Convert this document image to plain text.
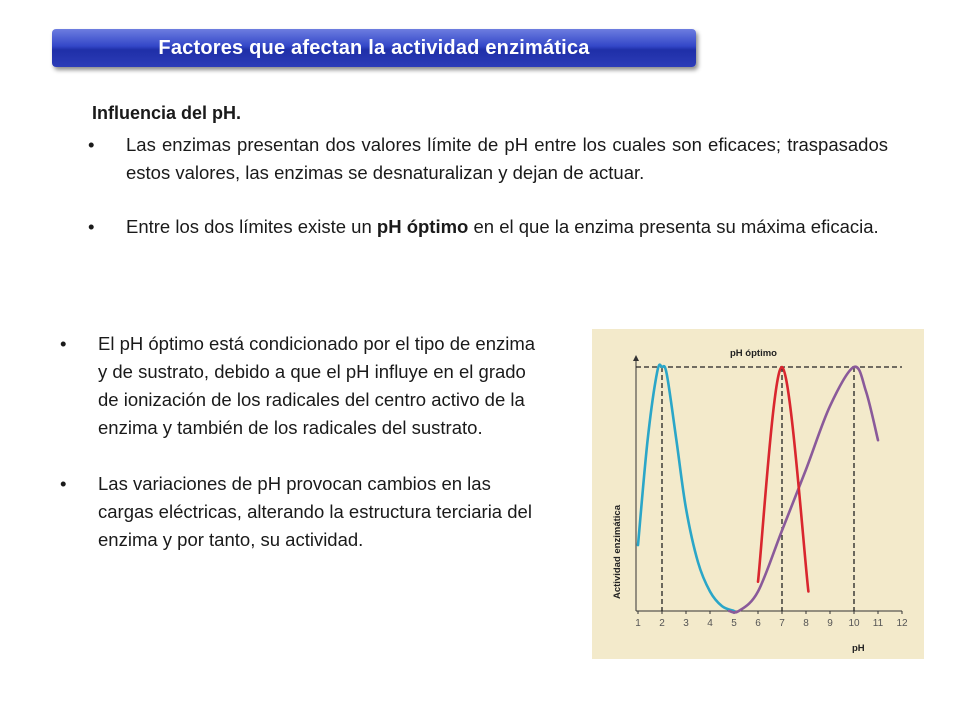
Factores que afectan la actividad enzimática
Influencia del pH.
• Las enzimas presentan dos valores límite de pH entre los cuales son eficaces; traspasados estos valores, las enzimas se desnaturalizan y dejan de actuar.
• Entre los dos límites existe un pH óptimo en el que la enzima presenta su máxima eficacia.
• El pH óptimo está condicionado por el tipo de enzima y de sustrato, debido a que el pH influye en el grado de ionización de los radicales del centro activo de la enzima y también de los radicales del sustrato.
• Las variaciones de pH provocan cambios en las cargas eléctricas, alterando la estructura terciaria del enzima y por tanto, su actividad.
pH óptimo
Actividad enzimática
pH
1 2 3 4 5 6 7 8 9 10 11 12
